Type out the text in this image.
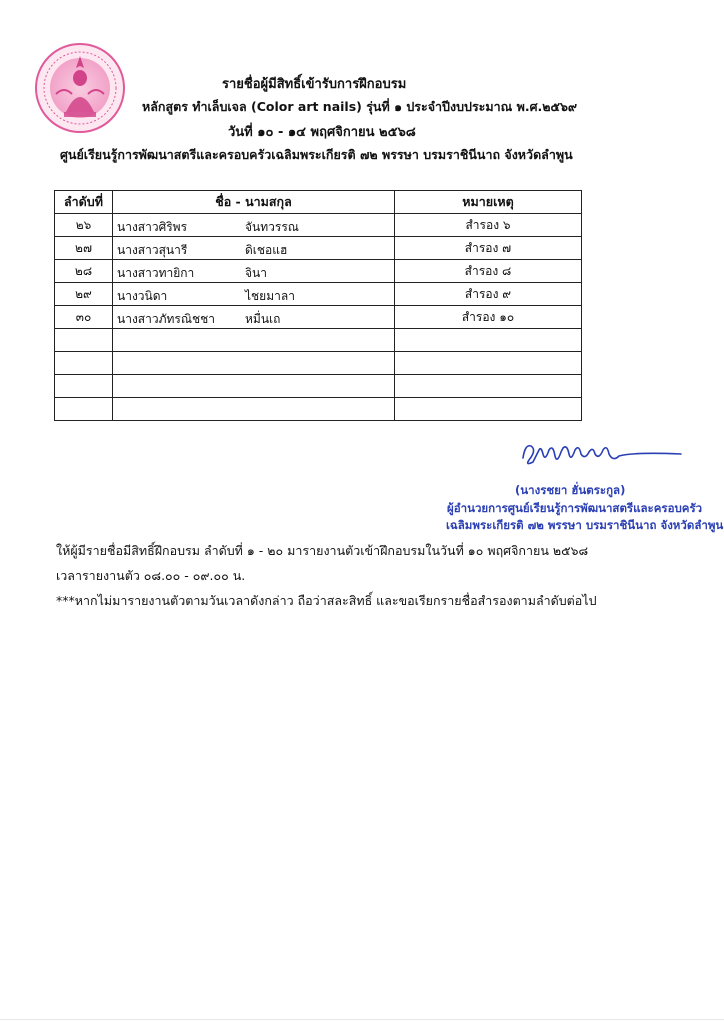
รายชื่อผู้มีสิทธิ์เข้ารับการฝึกอบรม
หลักสูตร ทำเล็บเจล (Color art nails) รุ่นที่ ๑ ประจำปีงบประมาณ พ.ศ.๒๕๖๙
วันที่ ๑๐ - ๑๔ พฤศจิกายน ๒๕๖๘
ศูนย์เรียนรู้การพัฒนาสตรีและครอบครัวเฉลิมพระเกียรติ ๗๒ พรรษา บรมราชินีนาถ จังหวัดลำพูน
ลำดับที่	ชื่อ - นามสกุล	หมายเหตุ
๒๖	นางสาวศิริพร จันทวรรณ	สำรอง ๖
๒๗	นางสาวสุนารี ดิเชอแฮ	สำรอง ๗
๒๘	นางสาวทายิกา จินา	สำรอง ๘
๒๙	นางวนิดา ไชยมาลา	สำรอง ๙
๓๐	นางสาวภัทรณิชชา หมื่นเถ	สำรอง ๑๐

(นางรชยา ฮั่นตระกูล)
ผู้อำนวยการศูนย์เรียนรู้การพัฒนาสตรีและครอบครัว
เฉลิมพระเกียรติ ๗๒ พรรษา บรมราชินีนาถ จังหวัดลำพูน
ให้ผู้มีรายชื่อมีสิทธิ์ฝึกอบรม ลำดับที่ ๑ - ๒๐ มารายงานตัวเข้าฝึกอบรมในวันที่ ๑๐ พฤศจิกายน ๒๕๖๘
เวลารายงานตัว ๐๘.๐๐ - ๐๙.๐๐ น.
***หากไม่มารายงานตัวตามวันเวลาดังกล่าว ถือว่าสละสิทธิ์ และขอเรียกรายชื่อสำรองตามลำดับต่อไป
